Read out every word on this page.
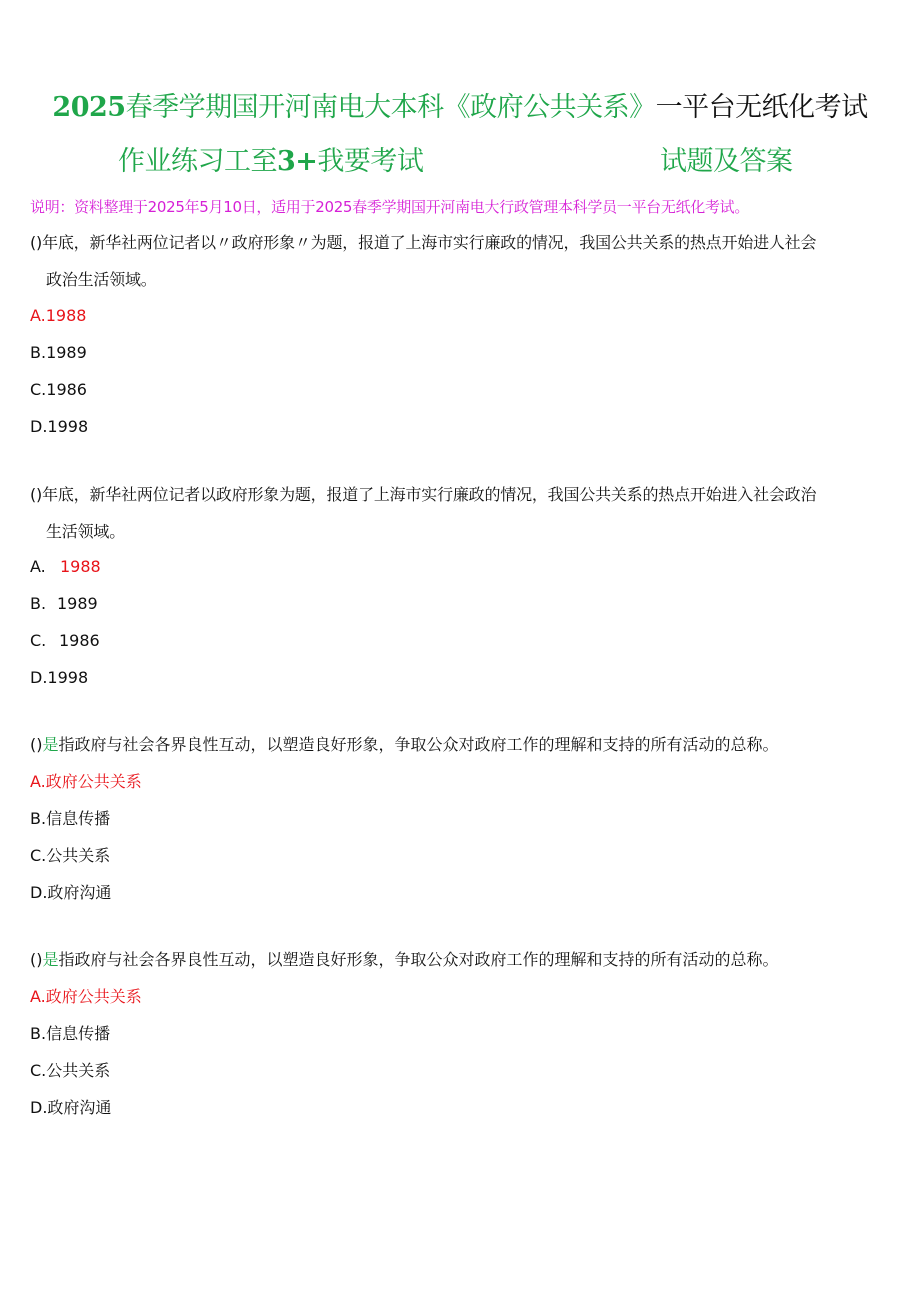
2025春季学期国开河南电大本科《政府公共关系》一平台无纸化考试
作业练习工至3+我要考试	试题及答案
说明：资料整理于2025年5月10日，适用于2025春季学期国开河南电大行政管理本科学员一平台无纸化考试。
()年底，新华社两位记者以〃政府形象〃为题，报道了上海市实行廉政的情况，我国公共关系的热点开始进人社会
政治生活领域。
A.1988
B.1989
C.1986
D.1998
()年底，新华社两位记者以政府形象为题，报道了上海市实行廉政的情况，我国公共关系的热点开始进入社会政治
生活领域。
A. 1988
B. 1989
C. 1986
D.1998
()是指政府与社会各界良性互动，以塑造良好形象，争取公众对政府工作的理解和支持的所有活动的总称。
A.政府公共关系
B.信息传播
C.公共关系
D.政府沟通
()是指政府与社会各界良性互动，以塑造良好形象，争取公众对政府工作的理解和支持的所有活动的总称。
A.政府公共关系
B.信息传播
C.公共关系
D.政府沟通
